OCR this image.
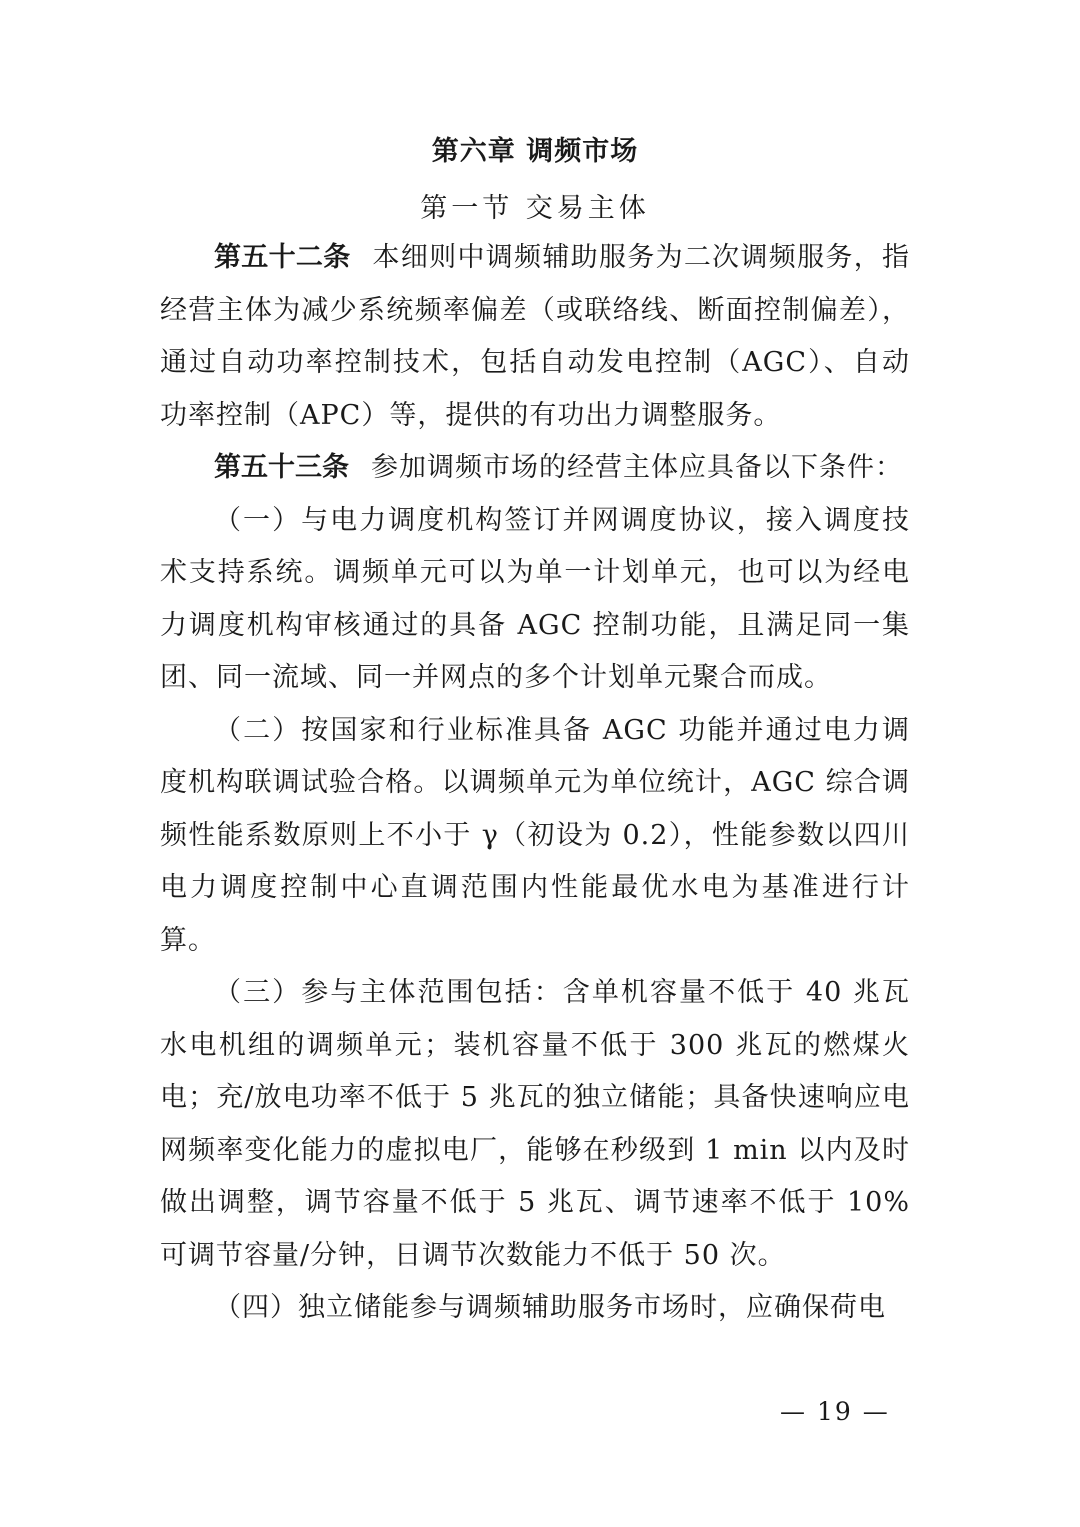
第六章 调频市场
第一节 交易主体

第五十二条 本细则中调频辅助服务为二次调频服务，指经营主体为减少系统频率偏差（或联络线、断面控制偏差），通过自动功率控制技术，包括自动发电控制（AGC）、自动功率控制（APC）等，提供的有功出力调整服务。

第五十三条 参加调频市场的经营主体应具备以下条件：

（一）与电力调度机构签订并网调度协议，接入调度技术支持系统。调频单元可以为单一计划单元，也可以为经电力调度机构审核通过的具备 AGC 控制功能，且满足同一集团、同一流域、同一并网点的多个计划单元聚合而成。

（二）按国家和行业标准具备 AGC 功能并通过电力调度机构联调试验合格。以调频单元为单位统计，AGC 综合调频性能系数原则上不小于 γ（初设为 0.2），性能参数以四川电力调度控制中心直调范围内性能最优水电为基准进行计算。

（三）参与主体范围包括：含单机容量不低于 40 兆瓦水电机组的调频单元；装机容量不低于 300 兆瓦的燃煤火电；充/放电功率不低于 5 兆瓦的独立储能；具备快速响应电网频率变化能力的虚拟电厂，能够在秒级到 1 min 以内及时做出调整，调节容量不低于 5 兆瓦、调节速率不低于 10%可调节容量/分钟，日调节次数能力不低于 50 次。

（四）独立储能参与调频辅助服务市场时，应确保荷电

— 19 —
